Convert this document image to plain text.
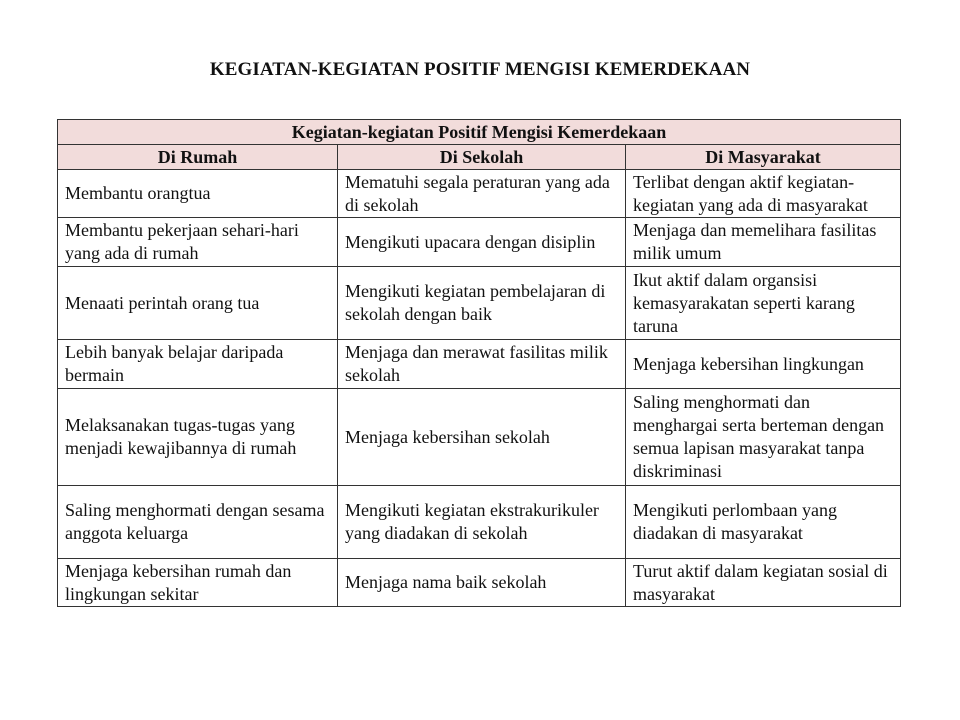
KEGIATAN-KEGIATAN POSITIF MENGISI KEMERDEKAAN
Kegiatan-kegiatan Positif Mengisi Kemerdekaan		
Di Rumah	Di Sekolah	Di Masyarakat
Membantu orangtua	Mematuhi segala peraturan yang ada di sekolah	Terlibat dengan aktif kegiatan-kegiatan yang ada di masyarakat
Membantu pekerjaan sehari-hari yang ada di rumah	Mengikuti upacara dengan disiplin	Menjaga dan memelihara fasilitas milik umum
Menaati perintah orang tua	Mengikuti kegiatan pembelajaran di sekolah dengan baik	Ikut aktif dalam organsisi kemasyarakatan seperti karang taruna
Lebih banyak belajar daripada bermain	Menjaga dan merawat fasilitas milik sekolah	Menjaga kebersihan lingkungan
Melaksanakan tugas-tugas yang menjadi kewajibannya di rumah	Menjaga kebersihan sekolah	Saling menghormati dan menghargai serta berteman dengan semua lapisan masyarakat tanpa diskriminasi
Saling menghormati dengan sesama anggota keluarga	Mengikuti kegiatan ekstrakurikuler yang diadakan di sekolah	Mengikuti perlombaan yang diadakan di masyarakat
Menjaga kebersihan rumah dan lingkungan sekitar	Menjaga nama baik sekolah	Turut aktif dalam kegiatan sosial di masyarakat
